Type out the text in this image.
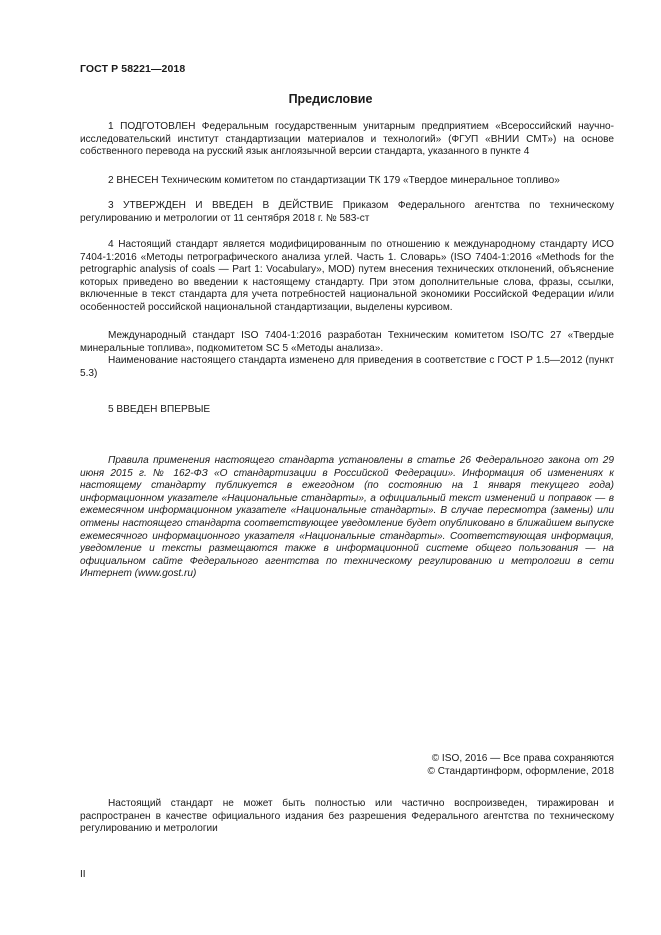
ГОСТ Р 58221—2018
Предисловие

1 ПОДГОТОВЛЕН Федеральным государственным унитарным предприятием «Всероссийский научно-исследовательский институт стандартизации материалов и технологий» (ФГУП «ВНИИ СМТ») на основе собственного перевода на русский язык англоязычной версии стандарта, указанного в пункте 4

2 ВНЕСЕН Техническим комитетом по стандартизации ТК 179 «Твердое минеральное топливо»

3 УТВЕРЖДЕН И ВВЕДЕН В ДЕЙСТВИЕ Приказом Федерального агентства по техническому регулированию и метрологии от 11 сентября 2018 г. № 583-ст

4 Настоящий стандарт является модифицированным по отношению к международному стандарту ИСО 7404-1:2016 «Методы петрографического анализа углей. Часть 1. Словарь» (ISO 7404-1:2016 «Methods for the petrographic analysis of coals — Part 1: Vocabulary», MOD) путем внесения технических отклонений, объяснение которых приведено во введении к настоящему стандарту. При этом дополнительные слова, фразы, ссылки, включенные в текст стандарта для учета потребностей национальной экономики Российской Федерации и/или особенностей российской национальной стандартизации, выделены курсивом.

Международный стандарт ISO 7404-1:2016 разработан Техническим комитетом ISO/TC 27 «Твердые минеральные топлива», подкомитетом SC 5 «Методы анализа».

Наименование настоящего стандарта изменено для приведения в соответствие с ГОСТ Р 1.5—2012 (пункт 5.3)

5 ВВЕДЕН ВПЕРВЫЕ

Правила применения настоящего стандарта установлены в статье 26 Федерального закона от 29 июня 2015 г. № 162-ФЗ «О стандартизации в Российской Федерации». Информация об изменениях к настоящему стандарту публикуется в ежегодном (по состоянию на 1 января текущего года) информационном указателе «Национальные стандарты», а официальный текст изменений и поправок — в ежемесячном информационном указателе «Национальные стандарты». В случае пересмотра (замены) или отмены настоящего стандарта соответствующее уведомление будет опубликовано в ближайшем выпуске ежемесячного информационного указателя «Национальные стандарты». Соответствующая информация, уведомление и тексты размещаются также в информационной системе общего пользования — на официальном сайте Федерального агентства по техническому регулированию и метрологии в сети Интернет (www.gost.ru)

© ISO, 2016 — Все права сохраняются

© Стандартинформ, оформление, 2018

Настоящий стандарт не может быть полностью или частично воспроизведен, тиражирован и распространен в качестве официального издания без разрешения Федерального агентства по техническому регулированию и метрологии

II
